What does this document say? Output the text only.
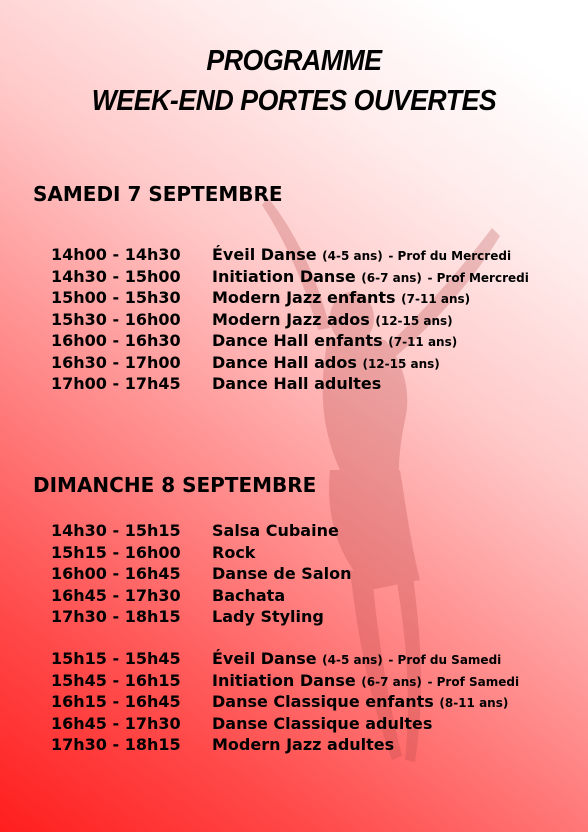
PROGRAMME
WEEK-END PORTES OUVERTES
SAMEDI 7 SEPTEMBRE
14h00 - 14h30	Éveil Danse (4-5 ans) - Prof du Mercredi
14h30 - 15h00	Initiation Danse (6-7 ans) - Prof Mercredi
15h00 - 15h30	Modern Jazz enfants (7-11 ans)
15h30 - 16h00	Modern Jazz ados (12-15 ans)
16h00 - 16h30	Dance Hall enfants (7-11 ans)
16h30 - 17h00	Dance Hall ados (12-15 ans)
17h00 - 17h45	Dance Hall adultes
DIMANCHE 8 SEPTEMBRE
14h30 - 15h15	Salsa Cubaine
15h15 - 16h00	Rock
16h00 - 16h45	Danse de Salon
16h45 - 17h30	Bachata
17h30 - 18h15	Lady Styling
15h15 - 15h45	Éveil Danse (4-5 ans) - Prof du Samedi
15h45 - 16h15	Initiation Danse (6-7 ans) - Prof Samedi
16h15 - 16h45	Danse Classique enfants (8-11 ans)
16h45 - 17h30	Danse Classique adultes
17h30 - 18h15	Modern Jazz adultes
